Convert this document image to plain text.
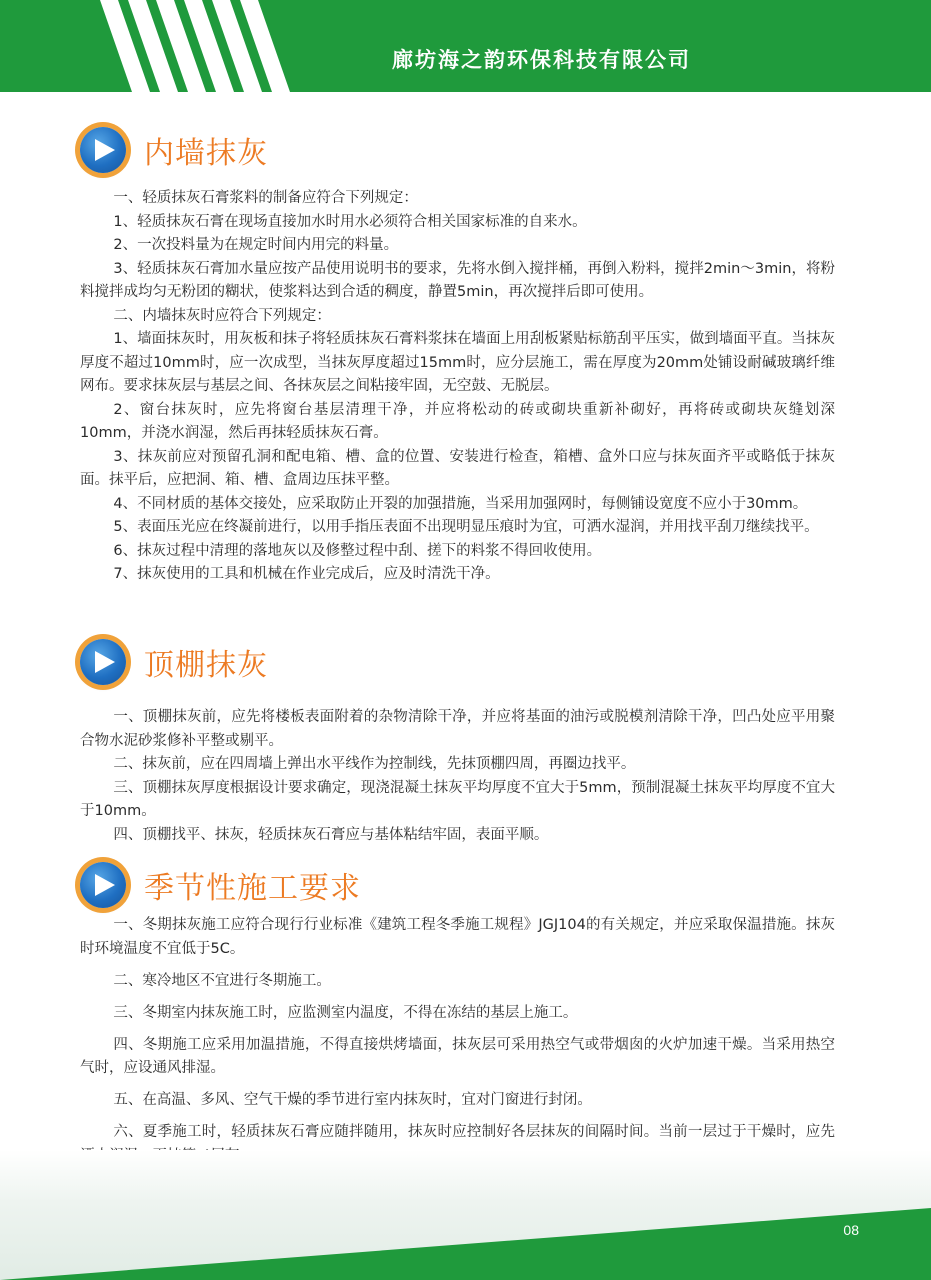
廊坊海之韵环保科技有限公司
内墙抹灰

一、轻质抹灰石膏浆料的制备应符合下列规定：

1、轻质抹灰石膏在现场直接加水时用水必须符合相关国家标准的自来水。

2、一次投料量为在规定时间内用完的料量。

3、轻质抹灰石膏加水量应按产品使用说明书的要求，先将水倒入搅拌桶，再倒入粉料，搅拌2min～3min，将粉料搅拌成均匀无粉团的糊状，使浆料达到合适的稠度，静置5min，再次搅拌后即可使用。

二、内墙抹灰时应符合下列规定：

1、墙面抹灰时，用灰板和抹子将轻质抹灰石膏料浆抹在墙面上用刮板紧贴标筋刮平压实，做到墙面平直。当抹灰厚度不超过10mm时，应一次成型，当抹灰厚度超过15mm时，应分层施工，需在厚度为20mm处铺设耐碱玻璃纤维网布。要求抹灰层与基层之间、各抹灰层之间粘接牢固，无空鼓、无脱层。

2、窗台抹灰时，应先将窗台基层清理干净，并应将松动的砖或砌块重新补砌好，再将砖或砌块灰缝划深10mm，并浇水润湿，然后再抹轻质抹灰石膏。

3、抹灰前应对预留孔洞和配电箱、槽、盒的位置、安装进行检查，箱槽、盒外口应与抹灰面齐平或略低于抹灰面。抹平后，应把洞、箱、槽、盒周边压抹平整。

4、不同材质的基体交接处，应采取防止开裂的加强措施，当采用加强网时，每侧铺设宽度不应小于30mm。

5、表面压光应在终凝前进行，以用手指压表面不出现明显压痕时为宜，可洒水湿润，并用找平刮刀继续找平。

6、抹灰过程中清理的落地灰以及修整过程中刮、搓下的料浆不得回收使用。

7、抹灰使用的工具和机械在作业完成后，应及时清洗干净。

顶棚抹灰

一、顶棚抹灰前，应先将楼板表面附着的杂物清除干净，并应将基面的油污或脱模剂清除干净，凹凸处应平用聚合物水泥砂浆修补平整或剔平。

二、抹灰前，应在四周墙上弹出水平线作为控制线，先抹顶棚四周，再圈边找平。

三、顶棚抹灰厚度根据设计要求确定，现浇混凝土抹灰平均厚度不宜大于5mm，预制混凝土抹灰平均厚度不宜大于10mm。

四、顶棚找平、抹灰，轻质抹灰石膏应与基体粘结牢固，表面平顺。

季节性施工要求

一、冬期抹灰施工应符合现行行业标准《建筑工程冬季施工规程》JGJ104的有关规定，并应采取保温措施。抹灰时环境温度不宜低于5C。

二、寒冷地区不宜进行冬期施工。

三、冬期室内抹灰施工时，应监测室内温度，不得在冻结的基层上施工。

四、冬期施工应采用加温措施，不得直接烘烤墙面，抹灰层可采用热空气或带烟囱的火炉加速干燥。当采用热空气时，应设通风排湿。

五、在高温、多风、空气干燥的季节进行室内抹灰时，宜对门窗进行封闭。

六、夏季施工时，轻质抹灰石膏应随拌随用，抹灰时应控制好各层抹灰的间隔时间。当前一层过于干燥时，应先

08
